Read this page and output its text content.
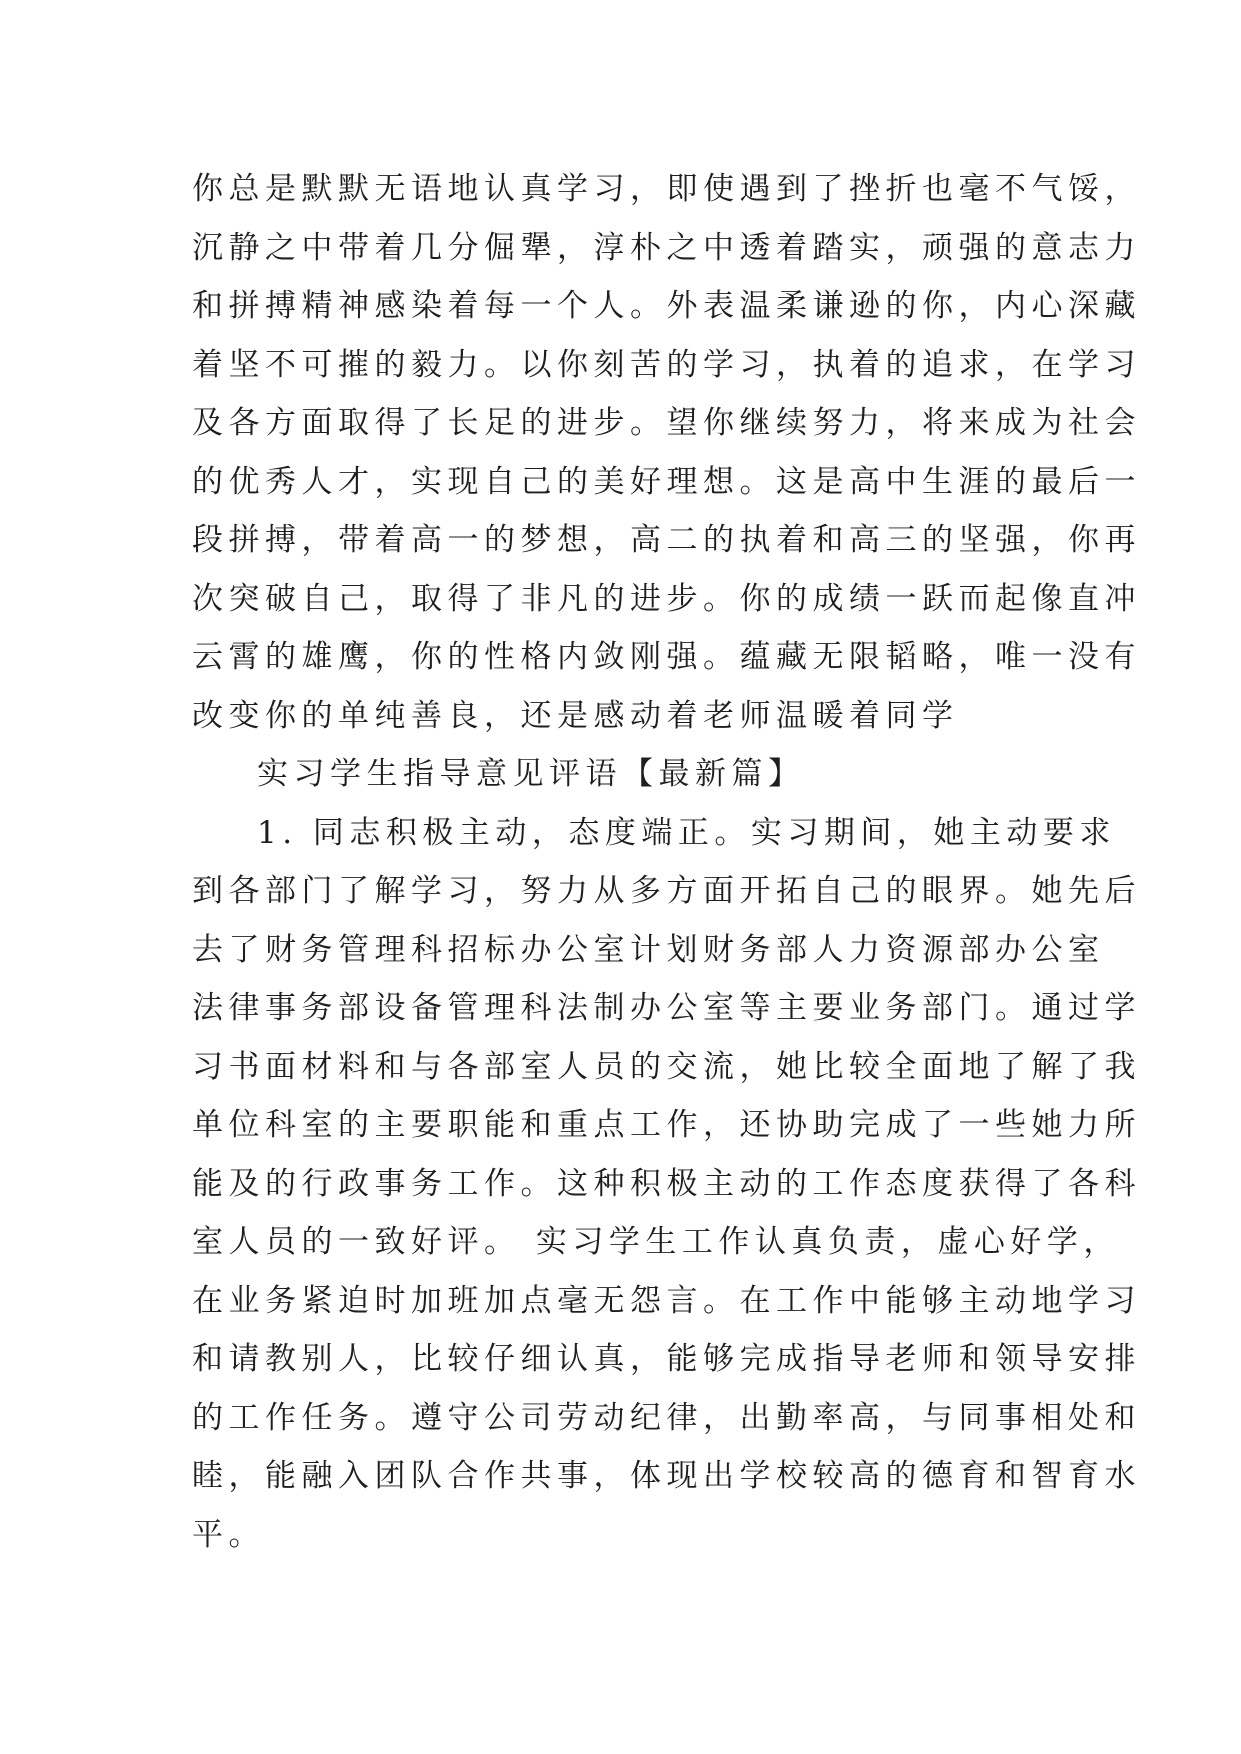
你总是默默无语地认真学习，即使遇到了挫折也毫不气馁，
沉静之中带着几分倔犟，淳朴之中透着踏实，顽强的意志力
和拼搏精神感染着每一个人。外表温柔谦逊的你，内心深藏
着坚不可摧的毅力。以你刻苦的学习，执着的追求，在学习
及各方面取得了长足的进步。望你继续努力，将来成为社会
的优秀人才，实现自己的美好理想。这是高中生涯的最后一
段拼搏，带着高一的梦想，高二的执着和高三的坚强，你再
次突破自己，取得了非凡的进步。你的成绩一跃而起像直冲
云霄的雄鹰，你的性格内敛刚强。蕴藏无限韬略，唯一没有
改变你的单纯善良，还是感动着老师温暖着同学
实习学生指导意见评语【最新篇】
1. 同志积极主动，态度端正。实习期间，她主动要求
到各部门了解学习，努力从多方面开拓自己的眼界。她先后
去了财务管理科招标办公室计划财务部人力资源部办公室
法律事务部设备管理科法制办公室等主要业务部门。通过学
习书面材料和与各部室人员的交流，她比较全面地了解了我
单位科室的主要职能和重点工作，还协助完成了一些她力所
能及的行政事务工作。这种积极主动的工作态度获得了各科
室人员的一致好评。 实习学生工作认真负责，虚心好学，
在业务紧迫时加班加点毫无怨言。在工作中能够主动地学习
和请教别人，比较仔细认真，能够完成指导老师和领导安排
的工作任务。遵守公司劳动纪律，出勤率高，与同事相处和
睦，能融入团队合作共事，体现出学校较高的德育和智育水
平。
